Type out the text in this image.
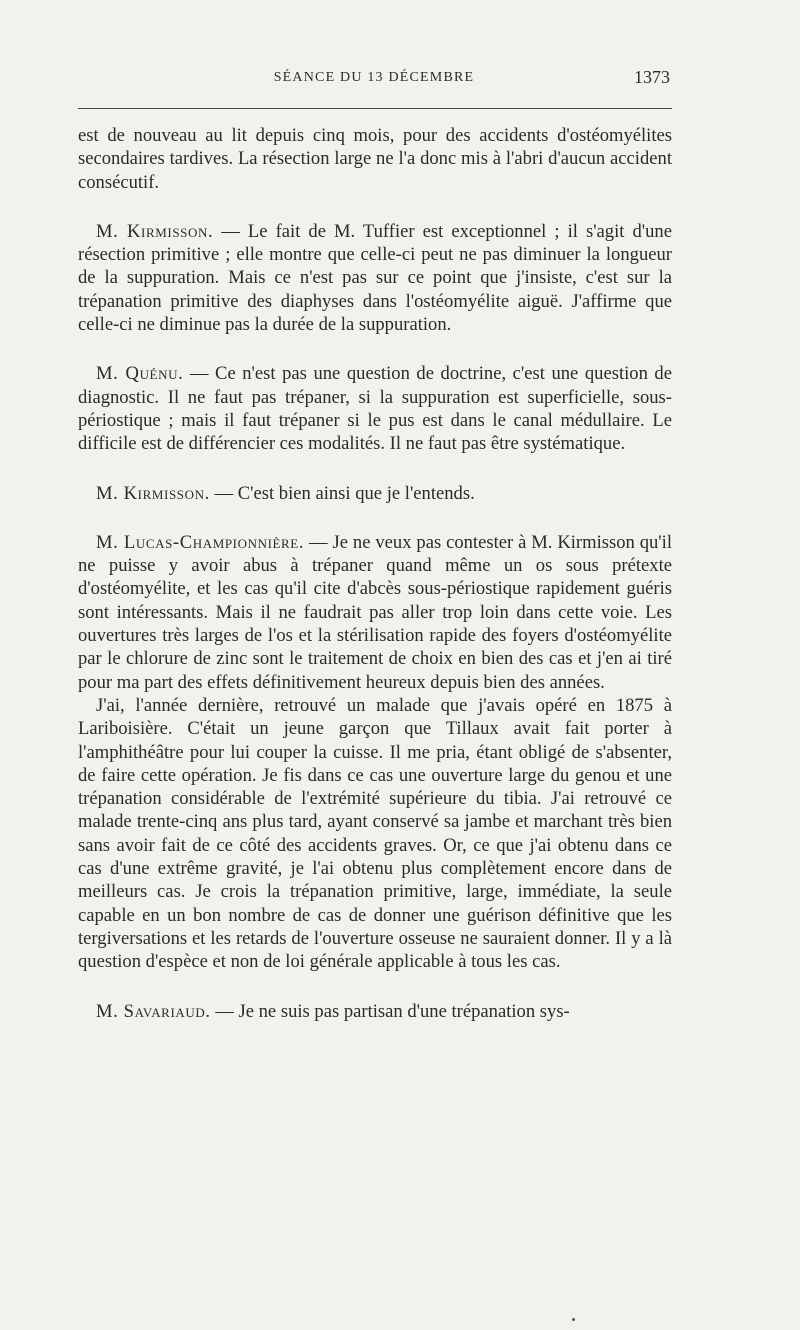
SÉANCE DU 13 DÉCEMBRE	1373

est de nouveau au lit depuis cinq mois, pour des accidents d'ostéomyélites secondaires tardives. La résection large ne l'a donc mis à l'abri d'aucun accident consécutif.

M. Kirmisson. — Le fait de M. Tuffier est exceptionnel ; il s'agit d'une résection primitive ; elle montre que celle-ci peut ne pas diminuer la longueur de la suppuration. Mais ce n'est pas sur ce point que j'insiste, c'est sur la trépanation primitive des diaphyses dans l'ostéomyélite aiguë. J'affirme que celle-ci ne diminue pas la durée de la suppuration.

M. Quénu. — Ce n'est pas une question de doctrine, c'est une question de diagnostic. Il ne faut pas trépaner, si la suppuration est superficielle, sous-périostique ; mais il faut trépaner si le pus est dans le canal médullaire. Le difficile est de différencier ces modalités. Il ne faut pas être systématique.

M. Kirmisson. — C'est bien ainsi que je l'entends.

M. Lucas-Championnière. — Je ne veux pas contester à M. Kirmisson qu'il ne puisse y avoir abus à trépaner quand même un os sous prétexte d'ostéomyélite, et les cas qu'il cite d'abcès sous-périostique rapidement guéris sont intéressants. Mais il ne faudrait pas aller trop loin dans cette voie. Les ouvertures très larges de l'os et la stérilisation rapide des foyers d'ostéomyélite par le chlorure de zinc sont le traitement de choix en bien des cas et j'en ai tiré pour ma part des effets définitivement heureux depuis bien des années.

J'ai, l'année dernière, retrouvé un malade que j'avais opéré en 1875 à Lariboisière. C'était un jeune garçon que Tillaux avait fait porter à l'amphithéâtre pour lui couper la cuisse. Il me pria, étant obligé de s'absenter, de faire cette opération. Je fis dans ce cas une ouverture large du genou et une trépanation considérable de l'extrémité supérieure du tibia. J'ai retrouvé ce malade trente-cinq ans plus tard, ayant conservé sa jambe et marchant très bien sans avoir fait de ce côté des accidents graves. Or, ce que j'ai obtenu dans ce cas d'une extrême gravité, je l'ai obtenu plus complètement encore dans de meilleurs cas. Je crois la trépanation primitive, large, immédiate, la seule capable en un bon nombre de cas de donner une guérison définitive que les tergiversations et les retards de l'ouverture osseuse ne sauraient donner. Il y a là question d'espèce et non de loi générale applicable à tous les cas.

M. Savariaud. — Je ne suis pas partisan d'une trépanation sys-
